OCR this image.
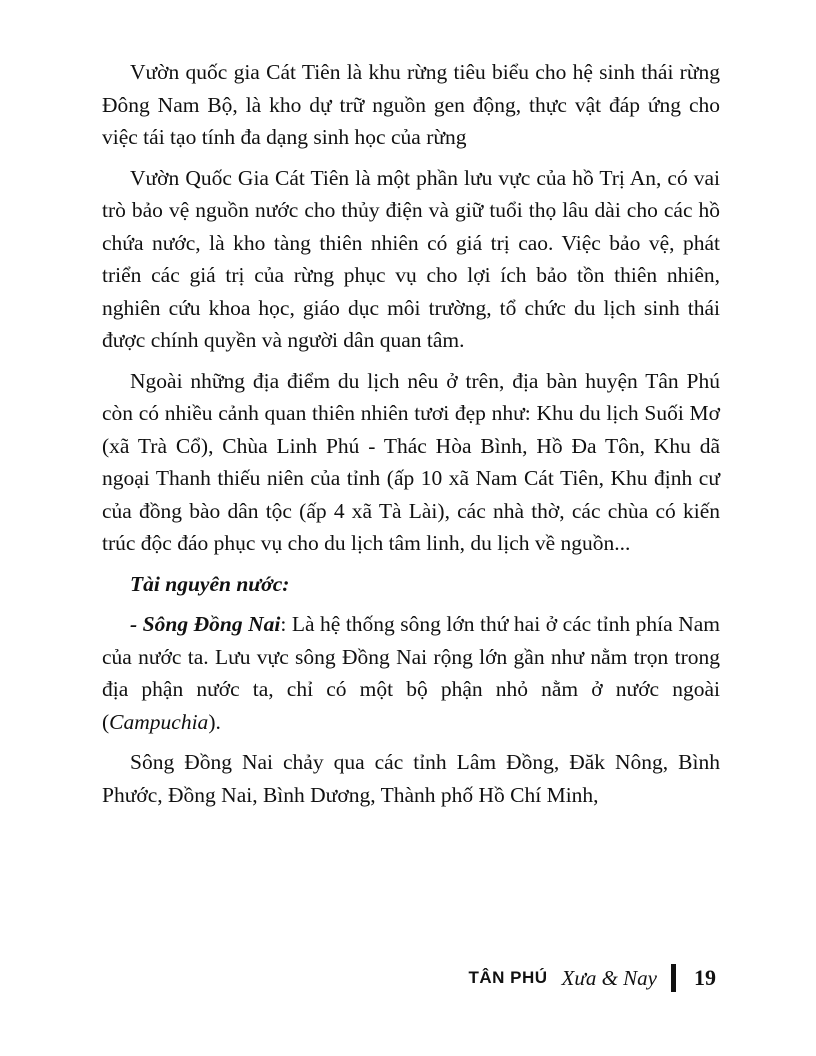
Vườn quốc gia Cát Tiên là khu rừng tiêu biểu cho hệ sinh thái rừng Đông Nam Bộ, là kho dự trữ nguồn gen động, thực vật đáp ứng cho việc tái tạo tính đa dạng sinh học của rừng

Vườn Quốc Gia Cát Tiên là một phần lưu vực của hồ Trị An, có vai trò bảo vệ nguồn nước cho thủy điện và giữ tuổi thọ lâu dài cho các hồ chứa nước, là kho tàng thiên nhiên có giá trị cao. Việc bảo vệ, phát triển các giá trị của rừng phục vụ cho lợi ích bảo tồn thiên nhiên, nghiên cứu khoa học, giáo dục môi trường, tổ chức du lịch sinh thái được chính quyền và người dân quan tâm.

Ngoài những địa điểm du lịch nêu ở trên, địa bàn huyện Tân Phú còn có nhiều cảnh quan thiên nhiên tươi đẹp như: Khu du lịch Suối Mơ (xã Trà Cổ), Chùa Linh Phú - Thác Hòa Bình, Hồ Đa Tôn, Khu dã ngoại Thanh thiếu niên của tỉnh (ấp 10 xã Nam Cát Tiên, Khu định cư của đồng bào dân tộc (ấp 4 xã Tà Lài), các nhà thờ, các chùa có kiến trúc độc đáo phục vụ cho du lịch tâm linh, du lịch về nguồn...

Tài nguyên nước:

- Sông Đồng Nai: Là hệ thống sông lớn thứ hai ở các tỉnh phía Nam của nước ta. Lưu vực sông Đồng Nai rộng lớn gần như nằm trọn trong địa phận nước ta, chỉ có một bộ phận nhỏ nằm ở nước ngoài (Campuchia).

Sông Đồng Nai chảy qua các tỉnh Lâm Đồng, Đăk Nông, Bình Phước, Đồng Nai, Bình Dương, Thành phố Hồ Chí Minh,

TÂN PHÚ Xưa & Nay 19
